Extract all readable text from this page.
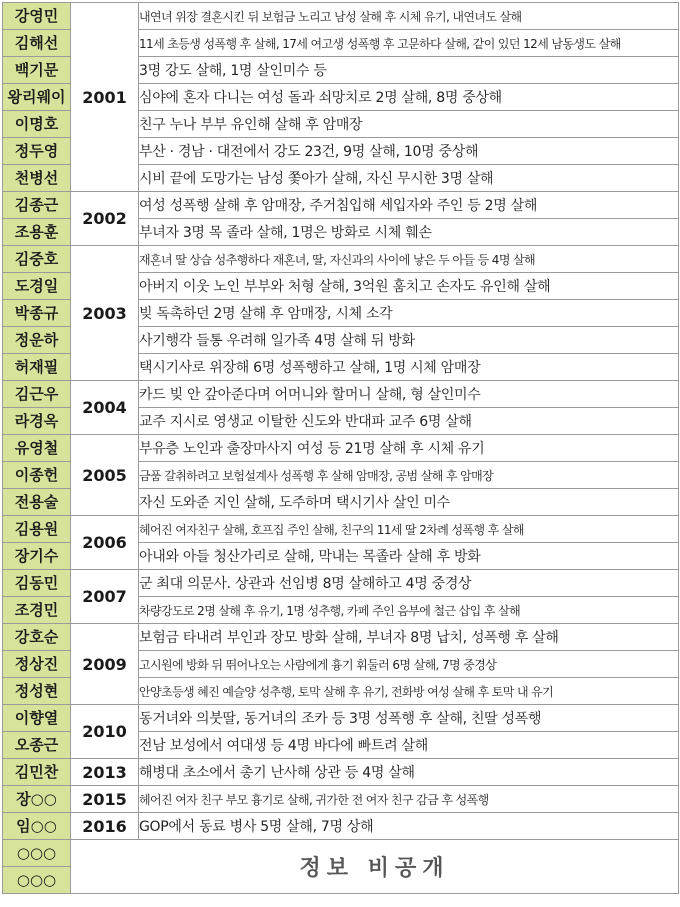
강영민	2001	내연녀 위장 결혼시킨 뒤 보험금 노리고 남성 살해 후 시체 유기, 내연녀도 살해
김해선		11세 초등생 성폭행 후 살해, 17세 여고생 성폭행 후 고문하다 살해, 같이 있던 12세 남동생도 살해
백기문		3명 강도 살해, 1명 살인미수 등
왕리웨이		심야에 혼자 다니는 여성 돌과 쇠망치로 2명 살해, 8명 중상해
이명호		친구 누나 부부 유인해 살해 후 암매장
정두영		부산 · 경남 · 대전에서 강도 23건, 9명 살해, 10명 중상해
천병선		시비 끝에 도망가는 남성 쫓아가 살해, 자신 무시한 3명 살해
김종근	2002	여성 성폭행 살해 후 암매장, 주거침입해 세입자와 주인 등 2명 살해
조용훈		부녀자 3명 목 졸라 살해, 1명은 방화로 시체 훼손
김중호	2003	재혼녀 딸 상습 성추행하다 재혼녀, 딸, 자신과의 사이에 낳은 두 아들 등 4명 살해
도경일		아버지 이웃 노인 부부와 처형 살해, 3억원 훔치고 손자도 유인해 살해
박종규		빚 독촉하던 2명 살해 후 암매장, 시체 소각
정운하		사기행각 들통 우려해 일가족 4명 살해 뒤 방화
허재필		택시기사로 위장해 6명 성폭행하고 살해, 1명 시체 암매장
김근우	2004	카드 빚 안 갚아준다며 어머니와 할머니 살해, 형 살인미수
라경옥		교주 지시로 영생교 이탈한 신도와 반대파 교주 6명 살해
유영철	2005	부유층 노인과 출장마사지 여성 등 21명 살해 후 시체 유기
이종헌		금품 갈취하려고 보험설계사 성폭행 후 살해 암매장, 공범 살해 후 암매장
전용술		자신 도와준 지인 살해, 도주하며 택시기사 살인 미수
김용원	2006	헤어진 여자친구 살해, 호프집 주인 살해, 친구의 11세 딸 2차례 성폭행 후 살해
장기수		아내와 아들 청산가리로 살해, 막내는 목졸라 살해 후 방화
김동민	2007	군 최대 의문사. 상관과 선임병 8명 살해하고 4명 중경상
조경민		차량강도로 2명 살해 후 유기, 1명 성추행, 카페 주인 음부에 철근 삽입 후 살해
강호순	2009	보험금 타내려 부인과 장모 방화 살해, 부녀자 8명 납치, 성폭행 후 살해
정상진		고시원에 방화 뒤 뛰어나오는 사람에게 흉기 휘둘러 6명 살해, 7명 중경상
정성현		안양초등생 혜진 예슬양 성추행, 토막 살해 후 유기, 전화방 여성 살해 후 토막 내 유기
이향열	2010	동거녀와 의붓딸, 동거녀의 조카 등 3명 성폭행 후 살해, 친딸 성폭행
오종근		전남 보성에서 여대생 등 4명 바다에 빠트려 살해
김민찬	2013	해병대 초소에서 총기 난사해 상관 등 4명 살해
장○○	2015	헤어진 여자 친구 부모 흉기로 살해, 귀가한 전 여자 친구 감금 후 성폭행
임○○	2016	GOP에서 동료 병사 5명 살해, 7명 상해
○○○	정보 비공개	
○○○		
